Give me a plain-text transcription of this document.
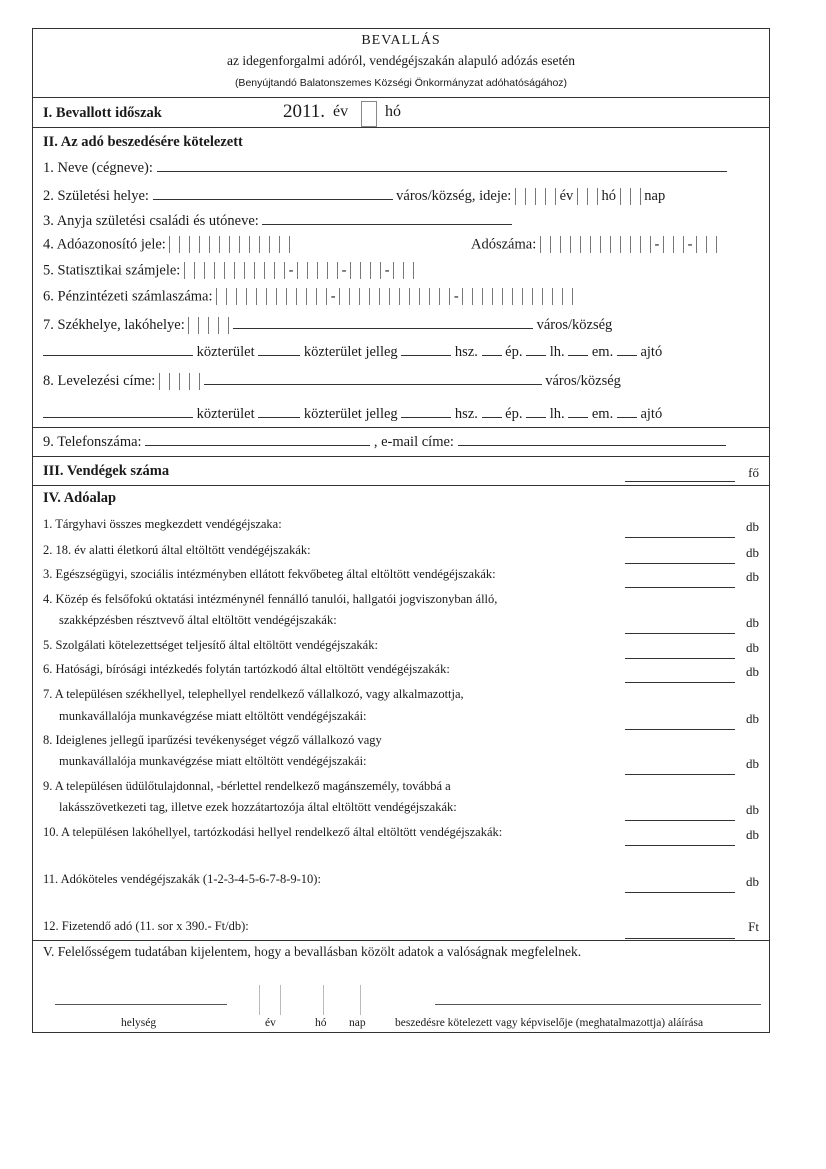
BEVALLÁS
az idegenforgalmi adóról, vendégéjszakán alapuló adózás esetén
(Benyújtandó Balatonszemes Községi Önkormányzat adóhatóságához)
I. Bevallott időszak	2011. év hó
II. Az adó beszedésére kötelezett
1. Neve (cégneve):
2. Születési helye:	város/község, ideje:	év hó nap
3. Anyja születési családi és utóneve:
4. Adóazonosító jele:	Adószáma:	- -
5. Statisztikai számjele:	-	-	-
6. Pénzintézeti számlaszáma:	-	-
7. Székhelye, lakóhelye:	város/község
közterület	közterület jelleg	hsz. ép. lh. em. ajtó
8. Levelezési címe:	város/község
közterület	közterület jelleg	hsz. ép. lh. em. ajtó
9. Telefonszáma:	, e-mail címe:
III. Vendégek száma	fő
IV. Adóalap
1. Tárgyhavi összes megkezdett vendégéjszaka:	db
2. 18. év alatti életkorú által eltöltött vendégéjszakák:	db
3. Egészségügyi, szociális intézményben ellátott fekvőbeteg által eltöltött vendégéjszakák:	db
4. Közép és felsőfokú oktatási intézménynél fennálló tanulói, hallgatói jogviszonyban álló,
szakképzésben résztvevő által eltöltött vendégéjszakák:	db
5. Szolgálati kötelezettséget teljesítő által eltöltött vendégéjszakák:	db
6. Hatósági, bírósági intézkedés folytán tartózkodó által eltöltött vendégéjszakák:	db
7. A településen székhellyel, telephellyel rendelkező vállalkozó, vagy alkalmazottja,
munkavállalója munkavégzése miatt eltöltött vendégéjszakái:	db
8. Ideiglenes jellegű iparűzési tevékenységet végző vállalkozó vagy
munkavállalója munkavégzése miatt eltöltött vendégéjszakái:	db
9. A településen üdülőtulajdonnal, -bérlettel rendelkező magánszemély, továbbá a
lakásszövetkezeti tag, illetve ezek hozzátartozója által eltöltött vendégéjszakák:	db
10. A településen lakóhellyel, tartózkodási hellyel rendelkező által eltöltött vendégéjszakák:	db
11. Adóköteles vendégéjszakák (1-2-3-4-5-6-7-8-9-10):	db
12. Fizetendő adó (11. sor x 390.- Ft/db):	Ft
V. Felelősségem tudatában kijelentem, hogy a bevallásban közölt adatok a valóságnak megfelelnek.
helység	év	hó nap	beszedésre kötelezett vagy képviselője (meghatalmazottja) aláírása
